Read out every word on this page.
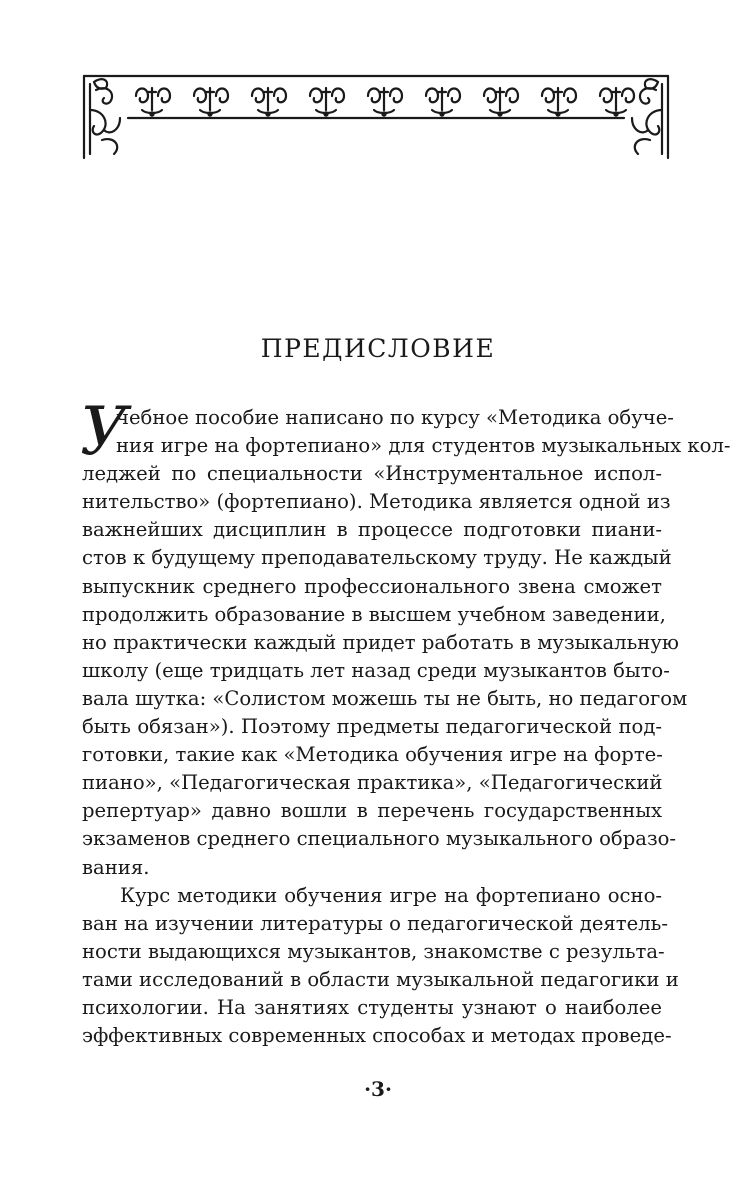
ПРЕДИСЛОВИЕ
У
чебное пособие написано по курсу «Методика обуче-
ния игре на фортепиано» для студентов музыкальных кол-
леджей по специальности «Инструментальное испол-
нительство» (фортепиано). Методика является одной из
важнейших дисциплин в процессе подготовки пиани-
стов к будущему преподавательскому труду. Не каждый
выпускник среднего профессионального звена сможет
продолжить образование в высшем учебном заведении,
но практически каждый придет работать в музыкальную
школу (еще тридцать лет назад среди музыкантов быто-
вала шутка: «Солистом можешь ты не быть, но педагогом
быть обязан»). Поэтому предметы педагогической под-
готовки, такие как «Методика обучения игре на форте-
пиано», «Педагогическая практика», «Педагогический
репертуар» давно вошли в перечень государственных
экзаменов среднего специального музыкального образо-
вания.
Курс методики обучения игре на фортепиано осно-
ван на изучении литературы о педагогической деятель-
ности выдающихся музыкантов, знакомстве с результа-
тами исследований в области музыкальной педагогики и
психологии. На занятиях студенты узнают о наиболее
эффективных современных способах и методах проведе-
·3·
